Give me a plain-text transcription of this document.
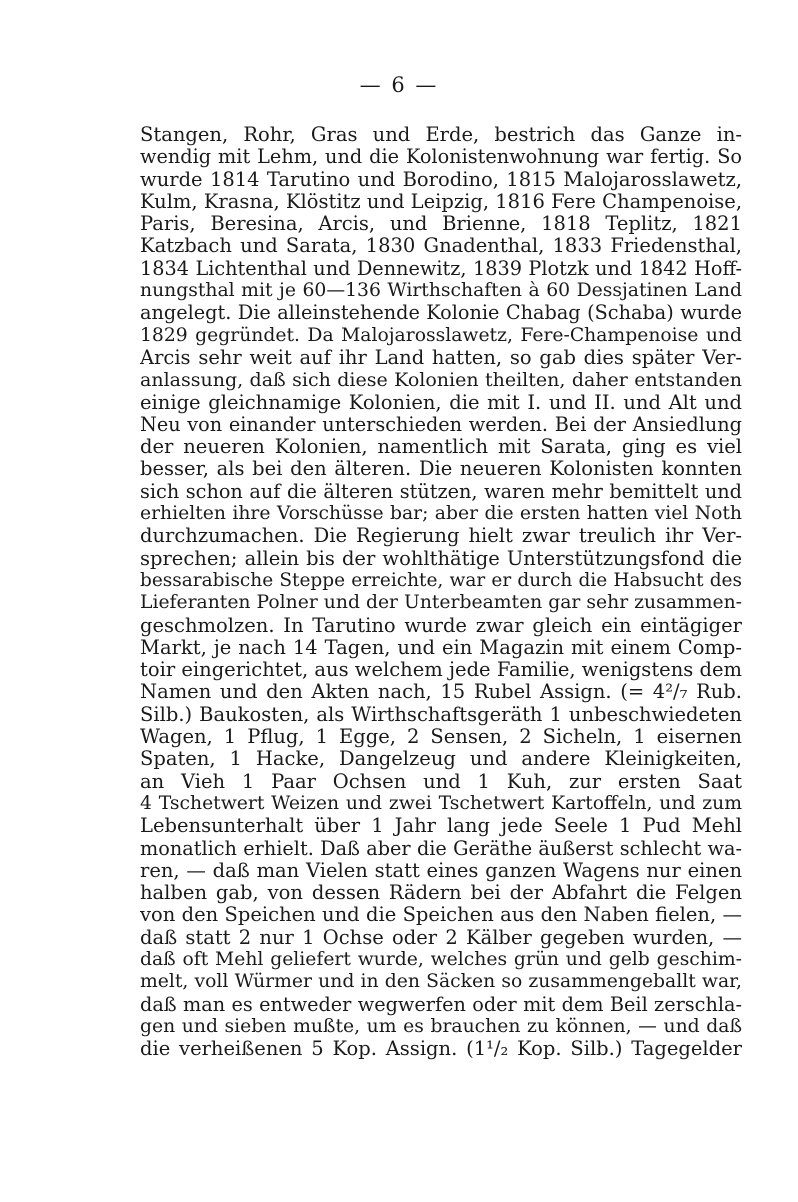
— 6 —
Stangen, Rohr, Gras und Erde, bestrich das Ganze in-
wendig mit Lehm, und die Kolonistenwohnung war fertig. So
wurde 1814 Tarutino und Borodino, 1815 Malojarosslawetz,
Kulm, Krasna, Klöstitz und Leipzig, 1816 Fere Champenoise,
Paris, Beresina, Arcis, und Brienne, 1818 Teplitz, 1821
Katzbach und Sarata, 1830 Gnadenthal, 1833 Friedensthal,
1834 Lichtenthal und Dennewitz, 1839 Plotzk und 1842 Hoff-
nungsthal mit je 60—136 Wirthschaften à 60 Dessjatinen Land
angelegt. Die alleinstehende Kolonie Chabag (Schaba) wurde
1829 gegründet. Da Malojarosslawetz, Fere-Champenoise und
Arcis sehr weit auf ihr Land hatten, so gab dies später Ver-
anlassung, daß sich diese Kolonien theilten, daher entstanden
einige gleichnamige Kolonien, die mit I. und II. und Alt und
Neu von einander unterschieden werden. Bei der Ansiedlung
der neueren Kolonien, namentlich mit Sarata, ging es viel
besser, als bei den älteren. Die neueren Kolonisten konnten
sich schon auf die älteren stützen, waren mehr bemittelt und
erhielten ihre Vorschüsse bar; aber die ersten hatten viel Noth
durchzumachen. Die Regierung hielt zwar treulich ihr Ver-
sprechen; allein bis der wohlthätige Unterstützungsfond die
bessarabische Steppe erreichte, war er durch die Habsucht des
Lieferanten Polner und der Unterbeamten gar sehr zusammen-
geschmolzen. In Tarutino wurde zwar gleich ein eintägiger
Markt, je nach 14 Tagen, und ein Magazin mit einem Comp-
toir eingerichtet, aus welchem jede Familie, wenigstens dem
Namen und den Akten nach, 15 Rubel Assign. (= 4²/₇ Rub.
Silb.) Baukosten, als Wirthschaftsgeräth 1 unbeschwiedeten
Wagen, 1 Pflug, 1 Egge, 2 Sensen, 2 Sicheln, 1 eisernen
Spaten, 1 Hacke, Dangelzeug und andere Kleinigkeiten,
an Vieh 1 Paar Ochsen und 1 Kuh, zur ersten Saat
4 Tschetwert Weizen und zwei Tschetwert Kartoffeln, und zum
Lebensunterhalt über 1 Jahr lang jede Seele 1 Pud Mehl
monatlich erhielt. Daß aber die Geräthe äußerst schlecht wa-
ren, — daß man Vielen statt eines ganzen Wagens nur einen
halben gab, von dessen Rädern bei der Abfahrt die Felgen
von den Speichen und die Speichen aus den Naben fielen, —
daß statt 2 nur 1 Ochse oder 2 Kälber gegeben wurden, —
daß oft Mehl geliefert wurde, welches grün und gelb geschim-
melt, voll Würmer und in den Säcken so zusammengeballt war,
daß man es entweder wegwerfen oder mit dem Beil zerschla-
gen und sieben mußte, um es brauchen zu können, — und daß
die verheißenen 5 Kop. Assign. (1¹/₂ Kop. Silb.) Tagegelder
